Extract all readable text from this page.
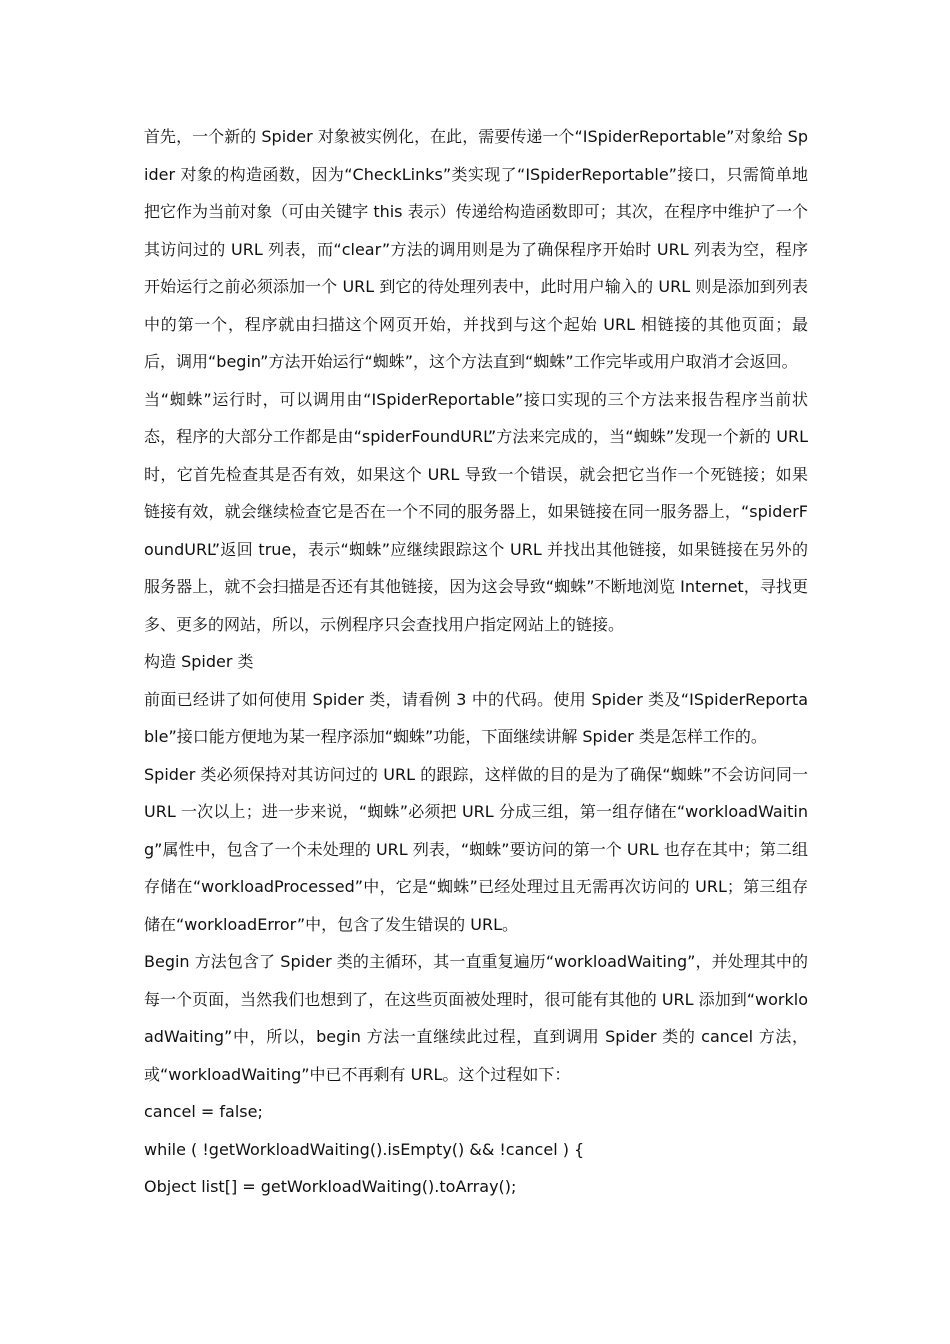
首先，一个新的 Spider 对象被实例化，在此，需要传递一个“ISpiderReportable”对象给 Spider 对象的构造函数，因为“CheckLinks”类实现了“ISpiderReportable”接口，只需简单地把它作为当前对象（可由关键字 this 表示）传递给构造函数即可；其次，在程序中维护了一个其访问过的 URL 列表，而“clear”方法的调用则是为了确保程序开始时 URL 列表为空，程序开始运行之前必须添加一个 URL 到它的待处理列表中，此时用户输入的 URL 则是添加到列表中的第一个，程序就由扫描这个网页开始，并找到与这个起始 URL 相链接的其他页面；最后，调用“begin”方法开始运行“蜘蛛”，这个方法直到“蜘蛛”工作完毕或用户取消才会返回。

当“蜘蛛”运行时，可以调用由“ISpiderReportable”接口实现的三个方法来报告程序当前状态，程序的大部分工作都是由“spiderFoundURL”方法来完成的，当“蜘蛛”发现一个新的 URL 时，它首先检查其是否有效，如果这个 URL 导致一个错误，就会把它当作一个死链接；如果链接有效，就会继续检查它是否在一个不同的服务器上，如果链接在同一服务器上，“spiderFoundURL”返回 true，表示“蜘蛛”应继续跟踪这个 URL 并找出其他链接，如果链接在另外的服务器上，就不会扫描是否还有其他链接，因为这会导致“蜘蛛”不断地浏览 Internet，寻找更多、更多的网站，所以，示例程序只会查找用户指定网站上的链接。

构造 Spider 类

前面已经讲了如何使用 Spider 类，请看例 3 中的代码。使用 Spider 类及“ISpiderReportable”接口能方便地为某一程序添加“蜘蛛”功能，下面继续讲解 Spider 类是怎样工作的。

Spider 类必须保持对其访问过的 URL 的跟踪，这样做的目的是为了确保“蜘蛛”不会访问同一 URL 一次以上；进一步来说，“蜘蛛”必须把 URL 分成三组，第一组存储在“workloadWaiting”属性中，包含了一个未处理的 URL 列表，“蜘蛛”要访问的第一个 URL 也存在其中；第二组存储在“workloadProcessed”中，它是“蜘蛛”已经处理过且无需再次访问的 URL；第三组存储在“workloadError”中，包含了发生错误的 URL。

Begin 方法包含了 Spider 类的主循环，其一直重复遍历“workloadWaiting”，并处理其中的每一个页面，当然我们也想到了，在这些页面被处理时，很可能有其他的 URL 添加到“workloadWaiting”中，所以，begin 方法一直继续此过程，直到调用 Spider 类的 cancel 方法，或“workloadWaiting”中已不再剩有 URL。这个过程如下：

cancel = false;

while ( !getWorkloadWaiting().isEmpty() && !cancel ) {

Object list[] = getWorkloadWaiting().toArray();
